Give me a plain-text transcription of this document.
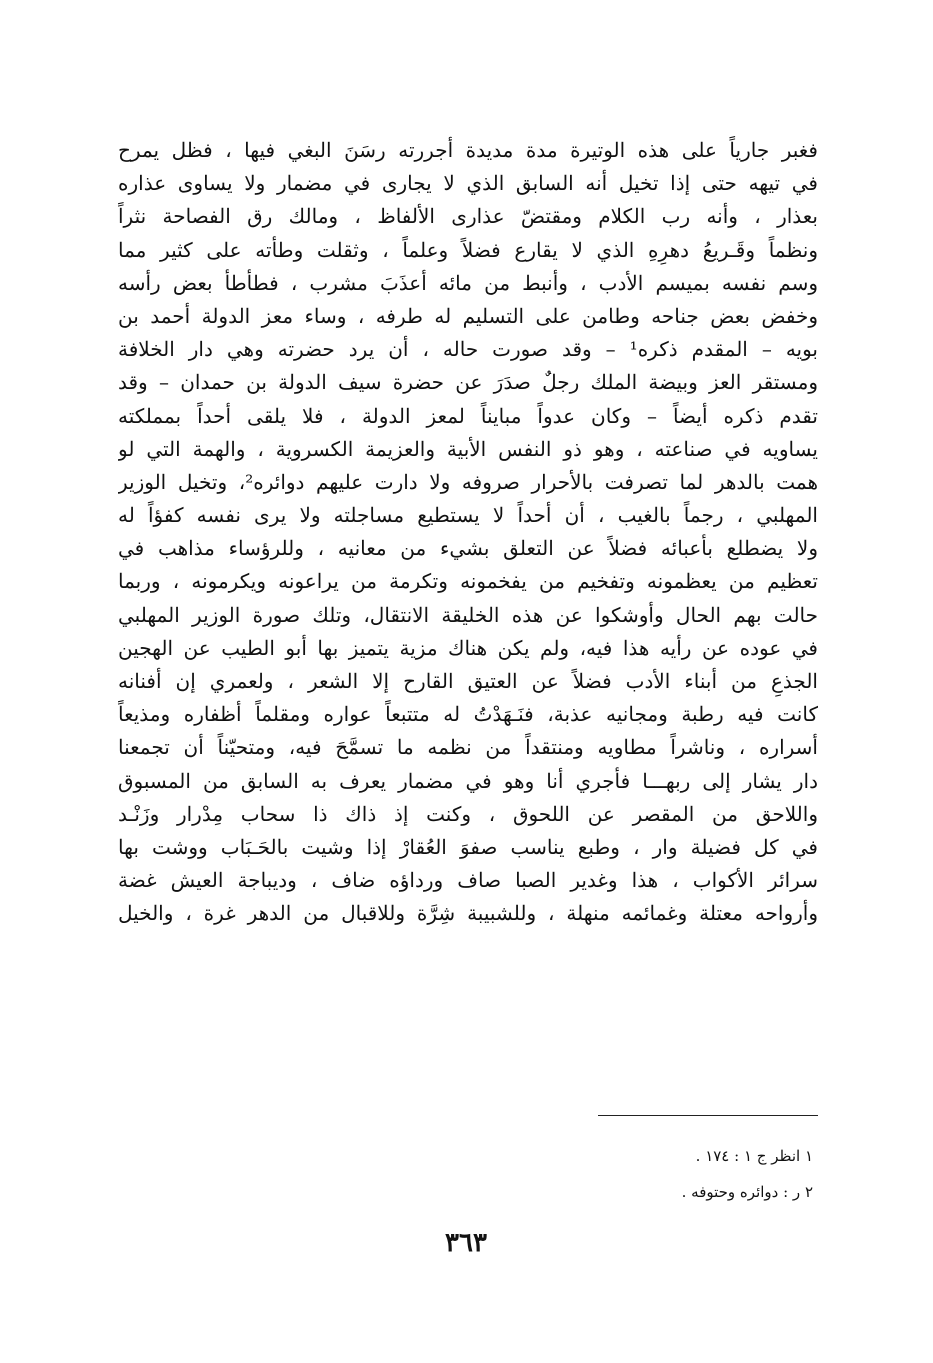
فغبر جارياً على هذه الوتيرة مدة مديدة أجررته رسَنَ البغي فيها ، فظل يمرح
في تيهه حتى إذا تخيل أنه السابق الذي لا يجارى في مضمار ولا يساوى عذاره
بعذار ، وأنه رب الكلام ومقتضّ عذارى الألفاظ ، ومالك رق الفصاحة نثراً
ونظماً وقَـريعُ دهرِهِ الذي لا يقارع فضلاً وعلماً ، وثقلت وطأته على كثير مما
وسم نفسه بميسم الأدب ، وأنبط من مائه أعذَبَ مشرب ، فطأطأ بعض رأسه
وخفض بعض جناحه وطامن على التسليم له طرفه ، وساء معز الدولة أحمد بن
بويه – المقدم ذكره¹ – وقد صورت حاله ، أن يرد حضرته وهي دار الخلافة
ومستقر العز وبيضة الملك رجلٌ صدَرَ عن حضرة سيف الدولة بن حمدان – وقد
تقدم ذكره أيضاً – وكان عدواً مبايناً لمعز الدولة ، فلا يلقى أحداً بمملكته
يساويه في صناعته ، وهو ذو النفس الأبية والعزيمة الكسروية ، والهمة التي لو
همت بالدهر لما تصرفت بالأحرار صروفه ولا دارت عليهم دوائره²، وتخيل الوزير
المهلبي ، رجماً بالغيب ، أن أحداً لا يستطيع مساجلته ولا يرى نفسه كفؤاً له
ولا يضطلع بأعبائه فضلاً عن التعلق بشيء من معانيه ، وللرؤساء مذاهب في
تعظيم من يعظمونه وتفخيم من يفخمونه وتكرمة من يراعونه ويكرمونه ، وربما
حالت بهم الحال وأوشكوا عن هذه الخليقة الانتقال، وتلك صورة الوزير المهلبي
في عوده عن رأيه هذا فيه، ولم يكن هناك مزية يتميز بها أبو الطيب عن الهجين
الجذعِ من أبناء الأدب فضلاً عن العتيق القارح إلا الشعر ، ولعمري إن أفنانه
كانت فيه رطبة ومجانيه عذبة، فنَـهَدْتُ له متتبعاً عواره ومقلماً أظفاره ومذيعاً
أسراره ، وناشراً مطاويه ومنتقداً من نظمه ما تسمَّحَ فيه، ومتحيّناً أن تجمعنا
دار يشار إلى ربهـــا فأجري أنا وهو في مضمار يعرف به السابق من المسبوق
واللاحق من المقصر عن اللحوق ، وكنت إذ ذاك ذا سحاب مِدْرار وزَنْـد
في كل فضيلة وار ، وطبع يناسب صفوَ العُقارْ إذا وشيت بالحَـبَاب ووشت بها
سرائر الأكواب ، هذا وغدير الصبا صاف ورداؤه ضاف ، وديباجة العيش غضة
وأرواحه معتلة وغمائمه منهلة ، وللشبيبة شِرَّة وللاقبال من الدهر غرة ، والخيل
١ انظر ج ١ : ١٧٤ .
٢ ر : دوائره وحتوفه .
٣٦٣
